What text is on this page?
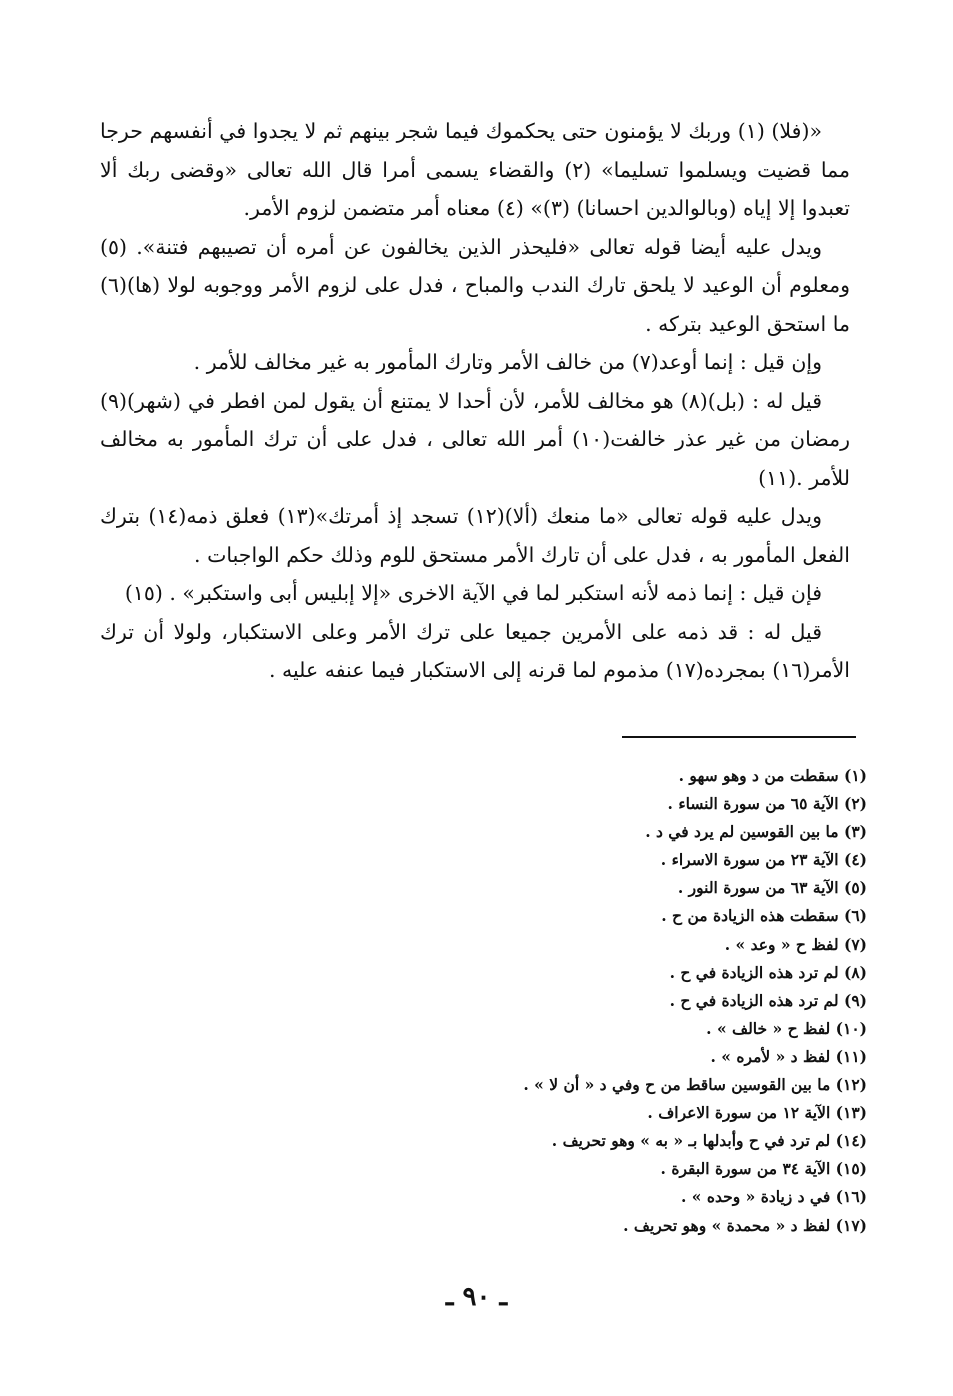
«(فلا) (١) وربك لا يؤمنون حتى يحكموك فيما شجر بينهم ثم لا يجدوا في أنفسهم حرجا مما قضيت ويسلموا تسليما» (٢) والقضاء يسمى أمرا قال الله تعالى «وقضى ربك ألا تعبدوا إلا إياه (وبالوالدين احسانا) (٣)» (٤) معناه أمر متضمن لزوم الأمر.

ويدل عليه أيضا قوله تعالى «فليحذر الذين يخالفون عن أمره أن تصيبهم فتنة». (٥) ومعلوم أن الوعيد لا يلحق تارك الندب والمباح ، فدل على لزوم الأمر ووجوبه لولا (ها)(٦) ما استحق الوعيد بتركه .

وإن قيل : إنما أوعد(٧) من خالف الأمر وتارك المأمور به غير مخالف للأمر .

قيل له : (بل)(٨) هو مخالف للأمر، لأن أحدا لا يمتنع أن يقول لمن افطر في (شهر)(٩) رمضان من غير عذر خالفت(١٠) أمر الله تعالى ، فدل على أن ترك المأمور به مخالف للأمر .(١١)

ويدل عليه قوله تعالى «ما منعك (ألا)(١٢) تسجد إذ أمرتك»(١٣) فعلق ذمه(١٤) بترك الفعل المأمور به ، فدل على أن تارك الأمر مستحق للوم وذلك حكم الواجبات .

فإن قيل : إنما ذمه لأنه استكبر لما في الآية الاخرى «إلا إبليس أبى واستكبر» . (١٥)

قيل له : قد ذمه على الأمرين جميعا على ترك الأمر وعلى الاستكبار، ولولا أن ترك الأمر(١٦) بمجرده(١٧) مذموم لما قرنه إلى الاستكبار فيما عنفه عليه .

(١) سقطت من د وهو سهو .
(٢) الآية ٦٥ من سورة النساء .
(٣) ما بين القوسين لم يرد في د .
(٤) الآية ٢٣ من سورة الاسراء .
(٥) الآية ٦٣ من سورة النور .
(٦) سقطت هذه الزيادة من ح .
(٧) لفظ ح « وعد » .
(٨) لم ترد هذه الزيادة في ح .
(٩) لم ترد هذه الزيادة في ح .
(١٠) لفظ ح « خالف » .
(١١) لفظ د « لأمره » .
(١٢) ما بين القوسين ساقط من ح وفي د « أن لا » .
(١٣) الآية ١٢ من سورة الاعراف .
(١٤) لم ترد في ح وأبدلها بـ « به » وهو تحريف .
(١٥) الآية ٣٤ من سورة البقرة .
(١٦) في د زيادة « وحده » .
(١٧) لفظ د « محمدة » وهو تحريف .
ـ ٩٠ ـ
